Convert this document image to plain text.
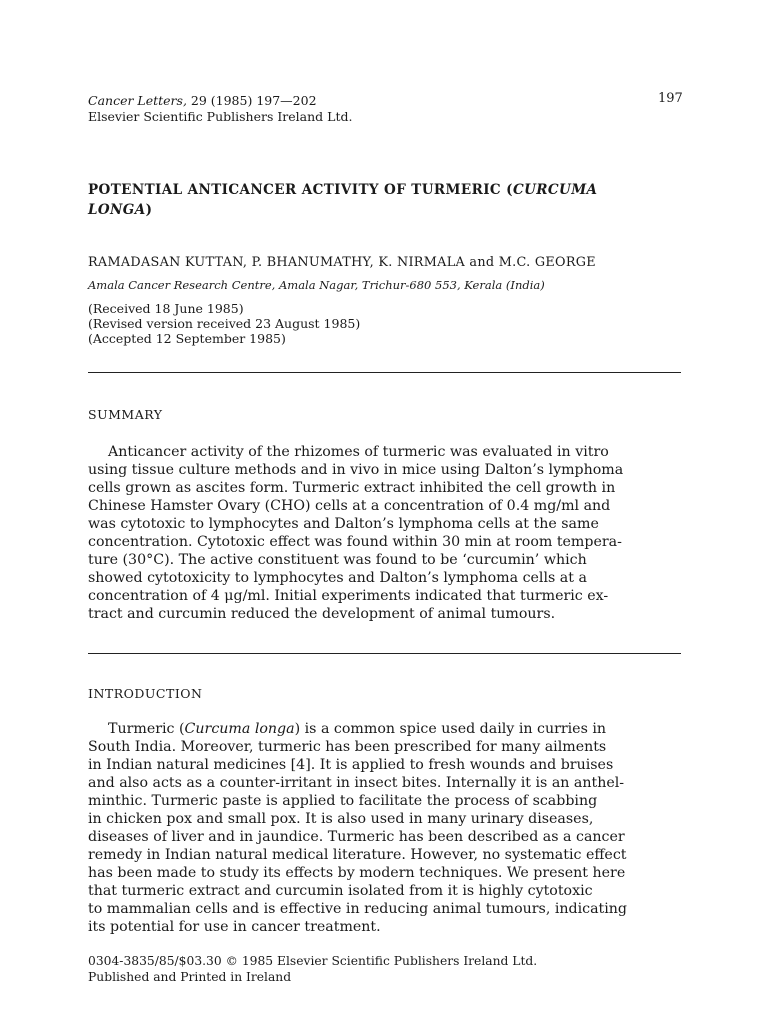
Cancer Letters, 29 (1985) 197—202
Elsevier Scientific Publishers Ireland Ltd.
197
POTENTIAL ANTICANCER ACTIVITY OF TURMERIC (CURCUMA
LONGA)
RAMADASAN KUTTAN, P. BHANUMATHY, K. NIRMALA and M.C. GEORGE
Amala Cancer Research Centre, Amala Nagar, Trichur-680 553, Kerala (India)
(Received 18 June 1985)
(Revised version received 23 August 1985)
(Accepted 12 September 1985)
SUMMARY
Anticancer activity of the rhizomes of turmeric was evaluated in vitro
using tissue culture methods and in vivo in mice using Dalton’s lymphoma
cells grown as ascites form. Turmeric extract inhibited the cell growth in
Chinese Hamster Ovary (CHO) cells at a concentration of 0.4 mg/ml and
was cytotoxic to lymphocytes and Dalton’s lymphoma cells at the same
concentration. Cytotoxic effect was found within 30 min at room tempera-
ture (30°C). The active constituent was found to be ‘curcumin’ which
showed cytotoxicity to lymphocytes and Dalton’s lymphoma cells at a
concentration of 4 μg/ml. Initial experiments indicated that turmeric ex-
tract and curcumin reduced the development of animal tumours.
INTRODUCTION
Turmeric (Curcuma longa) is a common spice used daily in curries in
South India. Moreover, turmeric has been prescribed for many ailments
in Indian natural medicines [4]. It is applied to fresh wounds and bruises
and also acts as a counter-irritant in insect bites. Internally it is an anthel-
minthic. Turmeric paste is applied to facilitate the process of scabbing
in chicken pox and small pox. It is also used in many urinary diseases,
diseases of liver and in jaundice. Turmeric has been described as a cancer
remedy in Indian natural medical literature. However, no systematic effect
has been made to study its effects by modern techniques. We present here
that turmeric extract and curcumin isolated from it is highly cytotoxic
to mammalian cells and is effective in reducing animal tumours, indicating
its potential for use in cancer treatment.
0304-3835/85/$03.30 © 1985 Elsevier Scientific Publishers Ireland Ltd.
Published and Printed in Ireland
